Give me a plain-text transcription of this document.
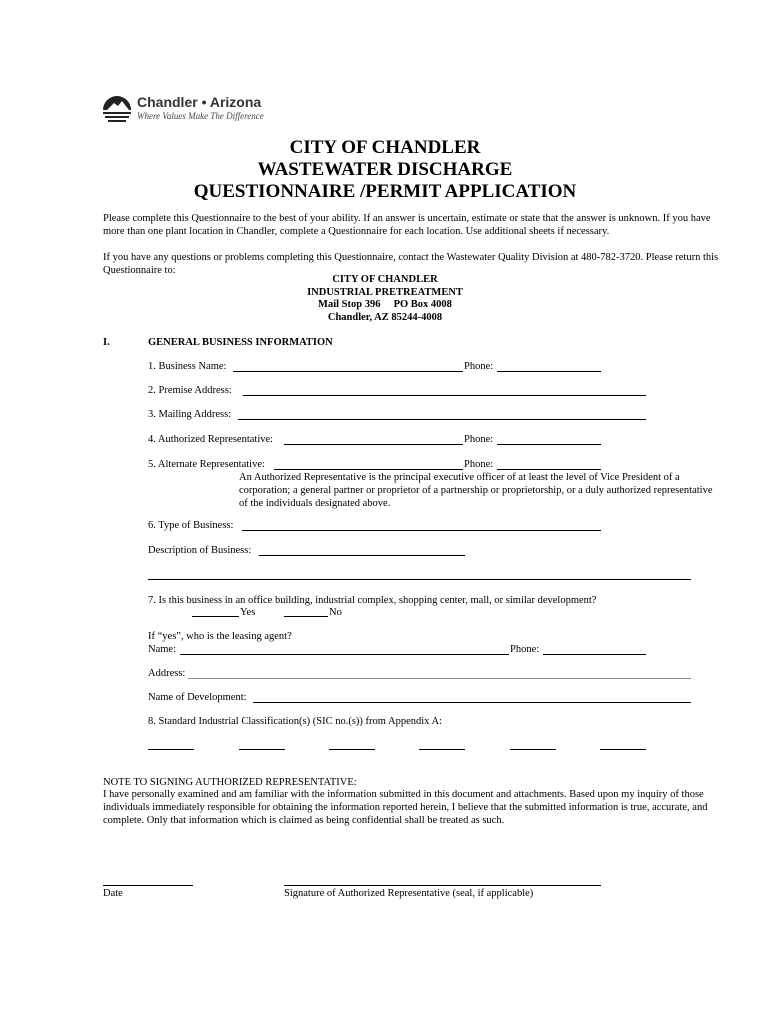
Chandler • Arizona
Where Values Make The Difference
CITY OF CHANDLER
WASTEWATER DISCHARGE
QUESTIONNAIRE /PERMIT APPLICATION
Please complete this Questionnaire to the best of your ability. If an answer is uncertain, estimate or state that the answer is unknown. If you have more than one plant location in Chandler, complete a Questionnaire for each location. Use additional sheets if necessary.
If you have any questions or problems completing this Questionnaire, contact the Wastewater Quality Division at 480-782-3720. Please return this Questionnaire to:
CITY OF CHANDLER
INDUSTRIAL PRETREATMENT
Mail Stop 396     PO Box 4008
Chandler, AZ 85244-4008
I.	GENERAL BUSINESS INFORMATION
1. Business Name:	Phone:
2. Premise Address:
3. Mailing Address:
4. Authorized Representative:	Phone:
5. Alternate Representative:	Phone:
An Authorized Representative is the principal executive officer of at least the level of Vice President of a corporation; a general partner or proprietor of a partnership or proprietorship, or a duly authorized representative of the individuals designated above.
6. Type of Business:
Description of Business:
7. Is this business in an office building, industrial complex, shopping center, mall, or similar development?
Yes	No
If “yes”, who is the leasing agent?
Name:	Phone:
Address:
Name of Development:
8. Standard Industrial Classification(s) (SIC no.(s)) from Appendix A:
NOTE TO SIGNING AUTHORIZED REPRESENTATIVE:
I have personally examined and am familiar with the information submitted in this document and attachments. Based upon my inquiry of those individuals immediately responsible for obtaining the information reported herein, I believe that the submitted information is true, accurate, and complete. Only that information which is claimed as being confidential shall be treated as such.
Date	Signature of Authorized Representative (seal, if applicable)
